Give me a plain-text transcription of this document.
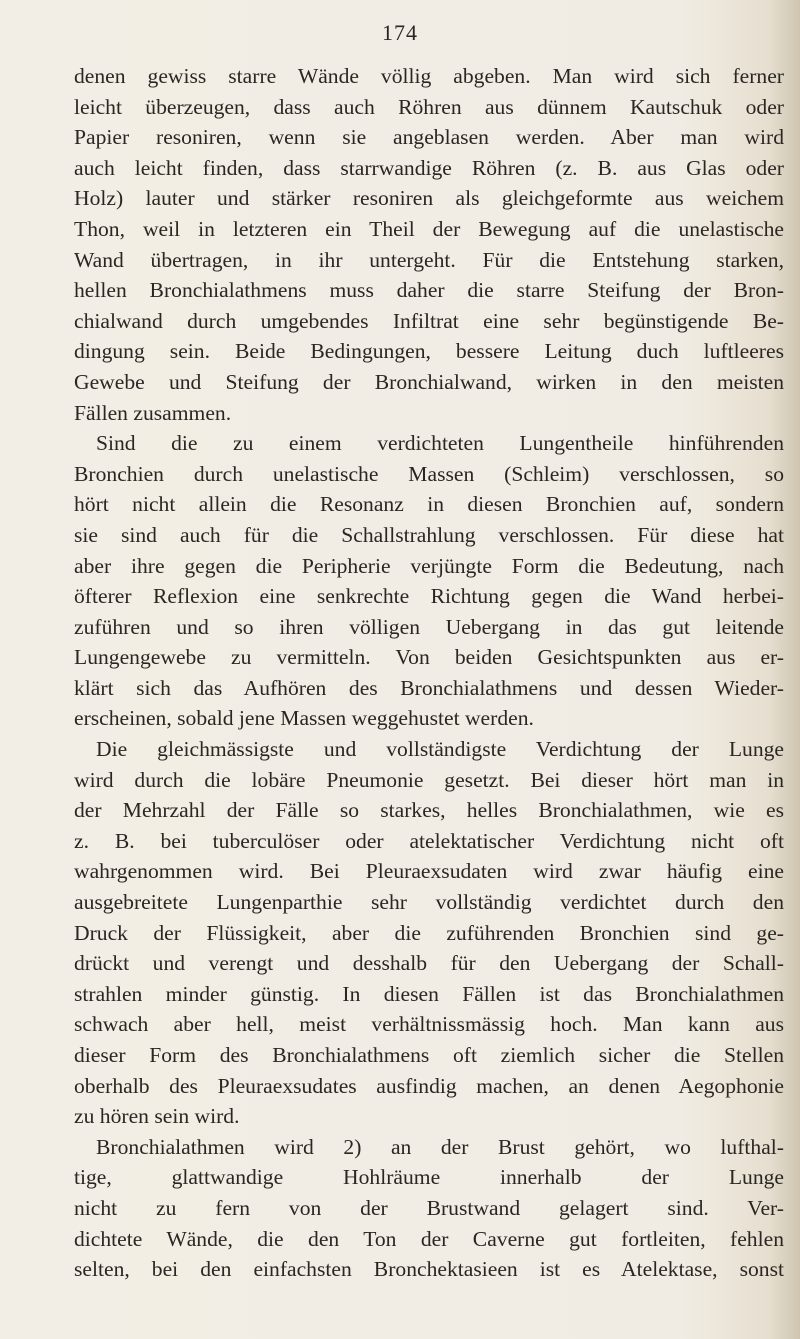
174
denen gewiss starre Wände völlig abgeben. Man wird sich ferner
leicht überzeugen, dass auch Röhren aus dünnem Kautschuk oder
Papier resoniren, wenn sie angeblasen werden. Aber man wird
auch leicht finden, dass starrwandige Röhren (z. B. aus Glas oder
Holz) lauter und stärker resoniren als gleichgeformte aus weichem
Thon, weil in letzteren ein Theil der Bewegung auf die unelastische
Wand übertragen, in ihr untergeht. Für die Entstehung starken,
hellen Bronchialathmens muss daher die starre Steifung der Bron-
chialwand durch umgebendes Infiltrat eine sehr begünstigende Be-
dingung sein. Beide Bedingungen, bessere Leitung duch luftleeres
Gewebe und Steifung der Bronchialwand, wirken in den meisten
Fällen zusammen.
Sind die zu einem verdichteten Lungentheile hinführenden
Bronchien durch unelastische Massen (Schleim) verschlossen, so
hört nicht allein die Resonanz in diesen Bronchien auf, sondern
sie sind auch für die Schallstrahlung verschlossen. Für diese hat
aber ihre gegen die Peripherie verjüngte Form die Bedeutung, nach
öfterer Reflexion eine senkrechte Richtung gegen die Wand herbei-
zuführen und so ihren völligen Uebergang in das gut leitende
Lungengewebe zu vermitteln. Von beiden Gesichtspunkten aus er-
klärt sich das Aufhören des Bronchialathmens und dessen Wieder-
erscheinen, sobald jene Massen weggehustet werden.
Die gleichmässigste und vollständigste Verdichtung der Lunge
wird durch die lobäre Pneumonie gesetzt. Bei dieser hört man in
der Mehrzahl der Fälle so starkes, helles Bronchialathmen, wie es
z. B. bei tuberculöser oder atelektatischer Verdichtung nicht oft
wahrgenommen wird. Bei Pleuraexsudaten wird zwar häufig eine
ausgebreitete Lungenparthie sehr vollständig verdichtet durch den
Druck der Flüssigkeit, aber die zuführenden Bronchien sind ge-
drückt und verengt und desshalb für den Uebergang der Schall-
strahlen minder günstig. In diesen Fällen ist das Bronchialathmen
schwach aber hell, meist verhältnissmässig hoch. Man kann aus
dieser Form des Bronchialathmens oft ziemlich sicher die Stellen
oberhalb des Pleuraexsudates ausfindig machen, an denen Aegophonie
zu hören sein wird.
Bronchialathmen wird 2) an der Brust gehört, wo lufthal-
tige, glattwandige Hohlräume innerhalb der Lunge
nicht zu fern von der Brustwand gelagert sind. Ver-
dichtete Wände, die den Ton der Caverne gut fortleiten, fehlen
selten, bei den einfachsten Bronchektasieen ist es Atelektase, sonst
